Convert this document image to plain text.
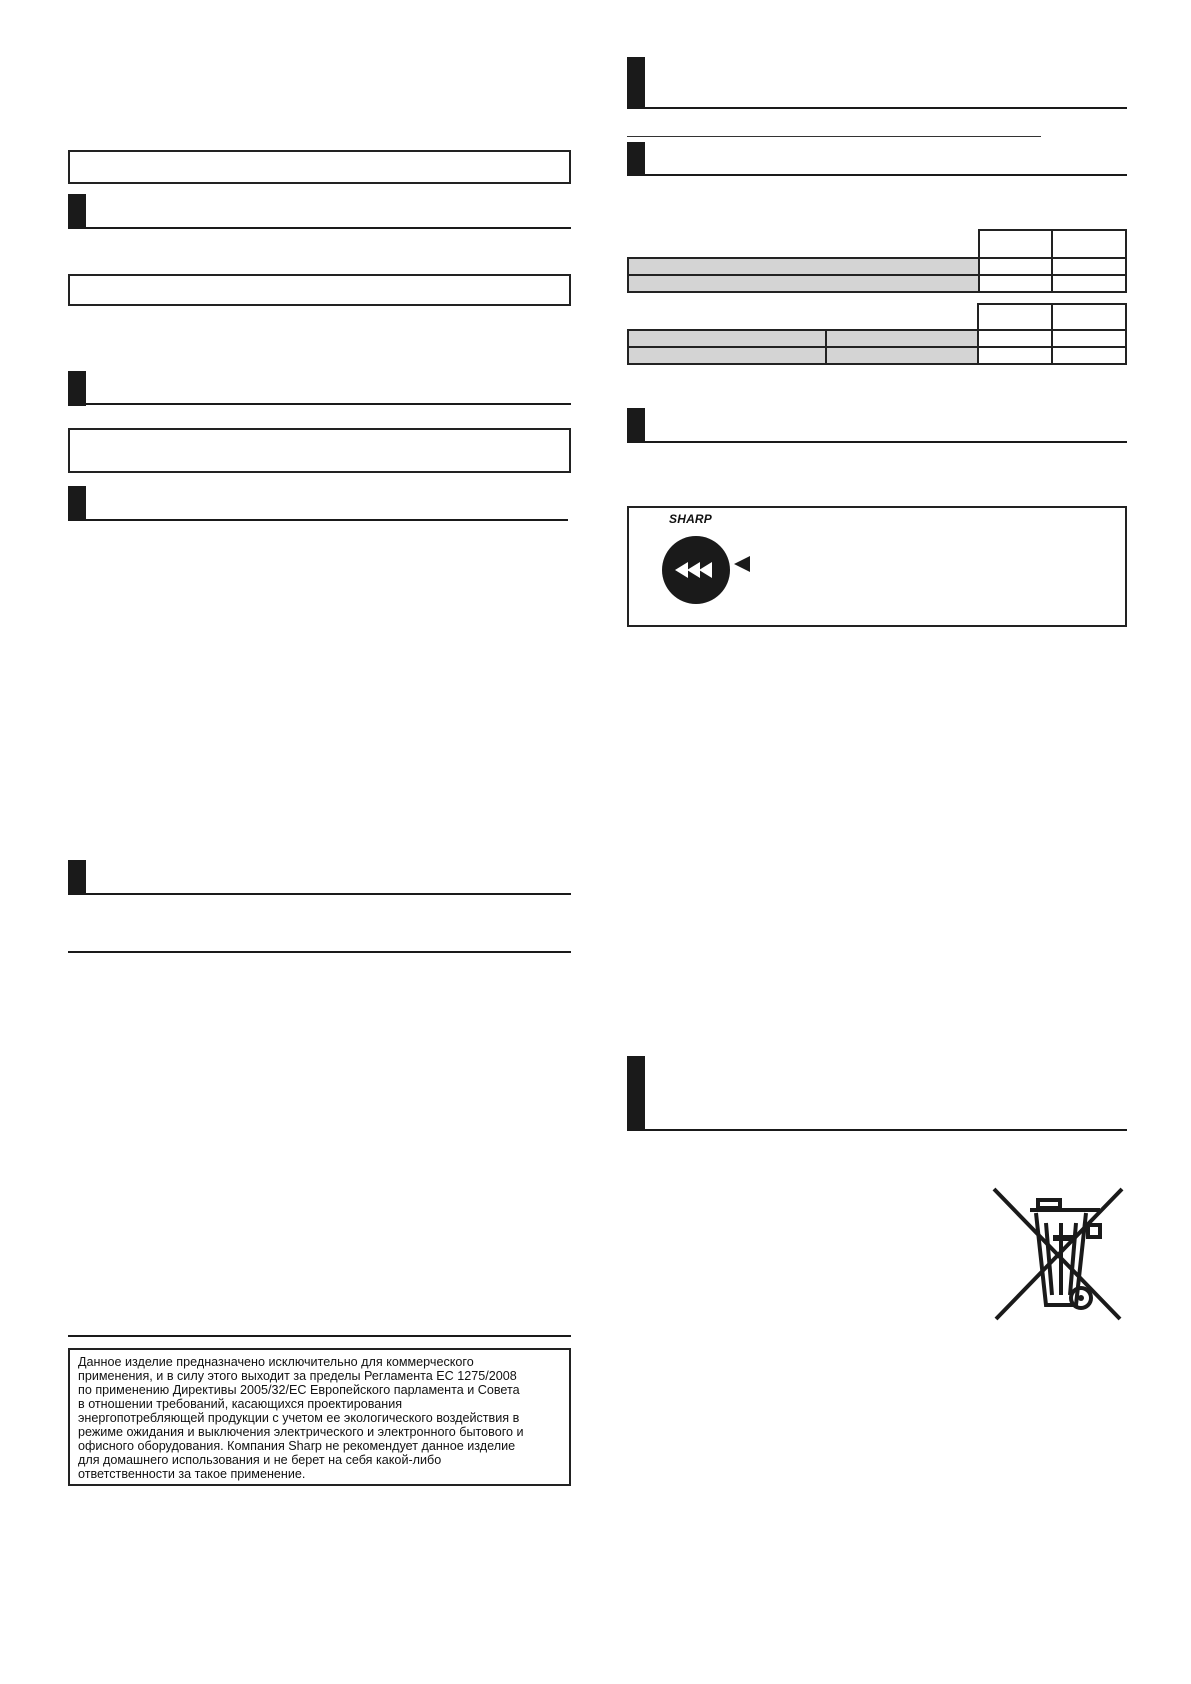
Данное изделие предназначено исключительно для коммерческого
применения, и в силу этого выходит за пределы Регламента ЕС 1275/2008
по применению Директивы 2005/32/ЕС Европейского парламента и Совета
в отношении требований, касающихся проектирования
энергопотребляющей продукции с учетом ее экологического воздействия в
режиме ожидания и выключения электрического и электронного бытового и
офисного оборудования. Компания Sharp не рекомендует данное изделие
для домашнего использования и не берет на себя какой-либо
ответственности за такое применение.

SHARP
